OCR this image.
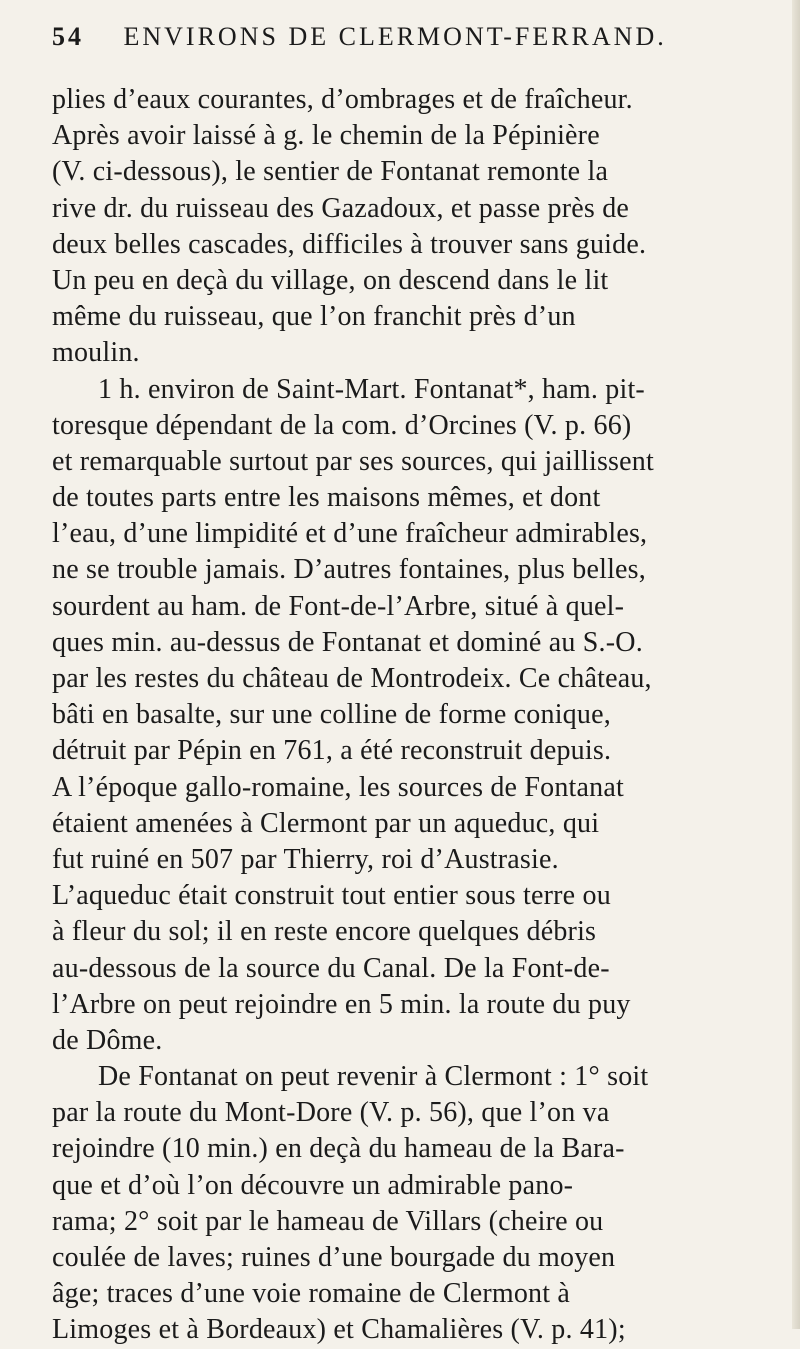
54 ENVIRONS DE CLERMONT-FERRAND.
plies d’eaux courantes, d’ombrages et de fraîcheur.
Après avoir laissé à g. le chemin de la Pépinière
(V. ci-dessous), le sentier de Fontanat remonte la
rive dr. du ruisseau des Gazadoux, et passe près de
deux belles cascades, difficiles à trouver sans guide.
Un peu en deçà du village, on descend dans le lit
même du ruisseau, que l’on franchit près d’un
moulin.
1 h. environ de Saint-Mart. Fontanat*, ham. pit-
toresque dépendant de la com. d’Orcines (V. p. 66)
et remarquable surtout par ses sources, qui jaillissent
de toutes parts entre les maisons mêmes, et dont
l’eau, d’une limpidité et d’une fraîcheur admirables,
ne se trouble jamais. D’autres fontaines, plus belles,
sourdent au ham. de Font-de-l’Arbre, situé à quel-
ques min. au-dessus de Fontanat et dominé au S.-O.
par les restes du château de Montrodeix. Ce château,
bâti en basalte, sur une colline de forme conique,
détruit par Pépin en 761, a été reconstruit depuis.
A l’époque gallo-romaine, les sources de Fontanat
étaient amenées à Clermont par un aqueduc, qui
fut ruiné en 507 par Thierry, roi d’Austrasie.
L’aqueduc était construit tout entier sous terre ou
à fleur du sol; il en reste encore quelques débris
au-dessous de la source du Canal. De la Font-de-
l’Arbre on peut rejoindre en 5 min. la route du puy
de Dôme.
De Fontanat on peut revenir à Clermont : 1° soit
par la route du Mont-Dore (V. p. 56), que l’on va
rejoindre (10 min.) en deçà du hameau de la Bara-
que et d’où l’on découvre un admirable pano-
rama; 2° soit par le hameau de Villars (cheire ou
coulée de laves; ruines d’une bourgade du moyen
âge; traces d’une voie romaine de Clermont à
Limoges et à Bordeaux) et Chamalières (V. p. 41);
